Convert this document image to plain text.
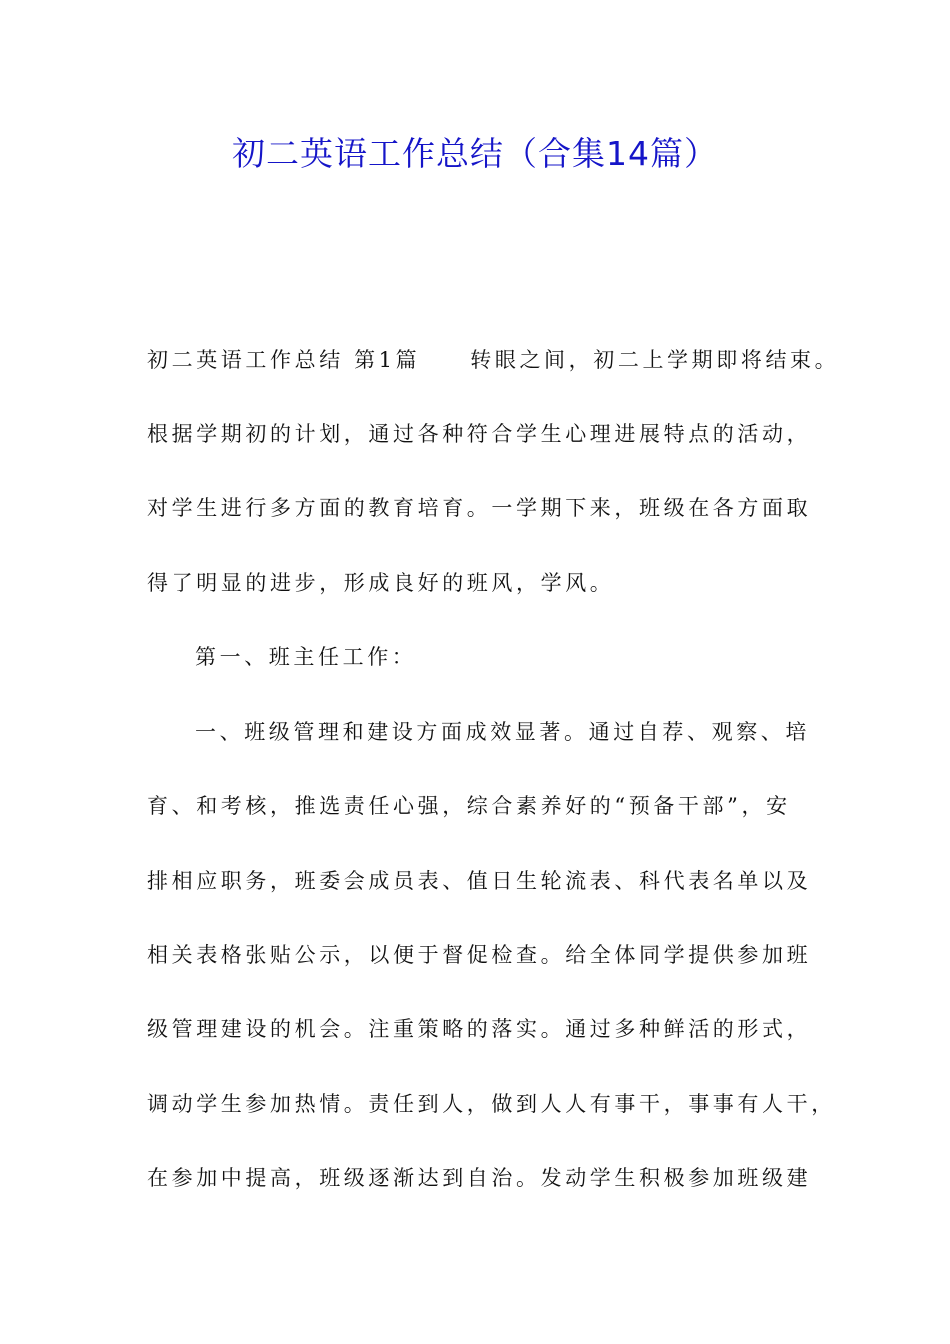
初二英语工作总结（合集14篇）

初二英语工作总结 第1篇 转眼之间，初二上学期即将结束。

根据学期初的计划，通过各种符合学生心理进展特点的活动，

对学生进行多方面的教育培育。一学期下来，班级在各方面取

得了明显的进步，形成良好的班风，学风。

第一、班主任工作：

一、班级管理和建设方面成效显著。通过自荐、观察、培

育、和考核，推选责任心强，综合素养好的“预备干部”，安

排相应职务，班委会成员表、值日生轮流表、科代表名单以及

相关表格张贴公示，以便于督促检查。给全体同学提供参加班

级管理建设的机会。注重策略的落实。通过多种鲜活的形式，

调动学生参加热情。责任到人，做到人人有事干，事事有人干，

在参加中提高，班级逐渐达到自治。发动学生积极参加班级建
